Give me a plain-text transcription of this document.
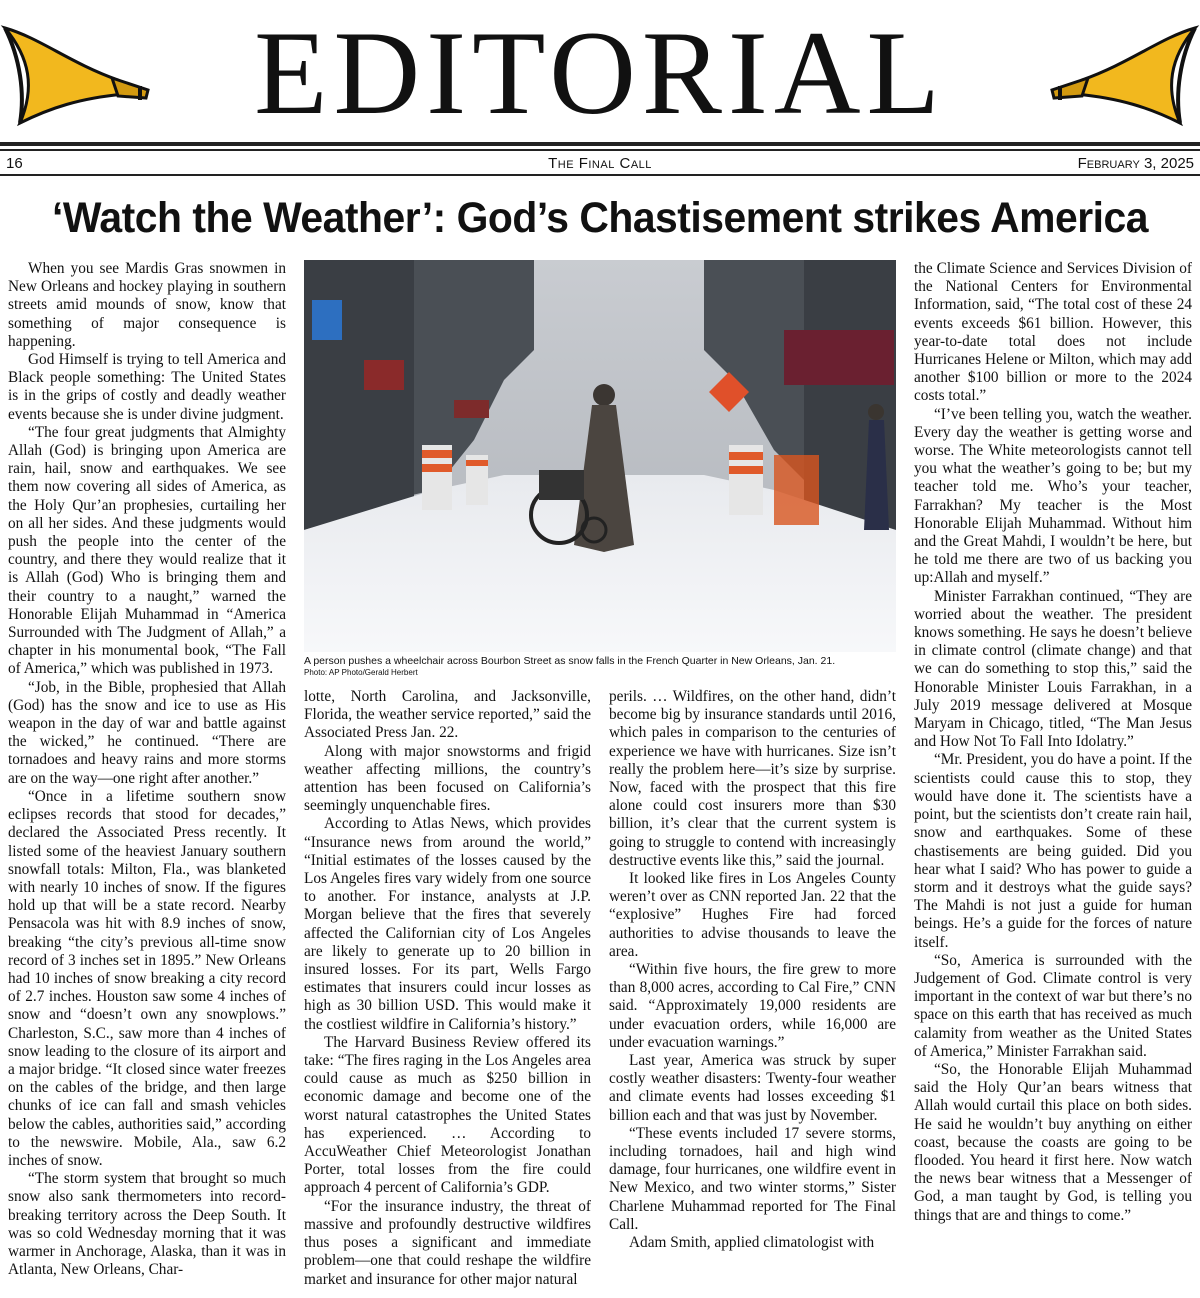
EDITORIAL
16	The Final Call	February 3, 2025
‘Watch the Weather’: God’s Chastisement strikes America

When you see Mardis Gras snowmen in New Orleans and hockey playing in southern streets amid mounds of snow, know that something of major consequence is happening.

God Himself is trying to tell America and Black people something: The United States is in the grips of costly and deadly weather events because she is under divine judgment.

“The four great judgments that Almighty Allah (God) is bringing upon America are rain, hail, snow and earthquakes. We see them now covering all sides of America, as the Holy Qur’an prophesies, curtailing her on all her sides. And these judgments would push the people into the center of the country, and there they would realize that it is Allah (God) Who is bringing them and their country to a naught,” warned the Honorable Elijah Muhammad in “America Surrounded with The Judgment of Allah,” a chapter in his monumental book, “The Fall of America,” which was published in 1973.

“Job, in the Bible, prophesied that Allah (God) has the snow and ice to use as His weapon in the day of war and battle against the wicked,” he continued. “There are tornadoes and heavy rains and more storms are on the way—one right after another.”

“Once in a lifetime southern snow eclipses records that stood for decades,” declared the Associated Press recently. It listed some of the heaviest January southern snowfall totals: Milton, Fla., was blanketed with nearly 10 inches of snow. If the figures hold up that will be a state record. Nearby Pensacola was hit with 8.9 inches of snow, breaking “the city’s previous all-time snow record of 3 inches set in 1895.” New Orleans had 10 inches of snow breaking a city record of 2.7 inches. Houston saw some 4 inches of snow and “doesn’t own any snowplows.” Charleston, S.C., saw more than 4 inches of snow leading to the closure of its airport and a major bridge. “It closed since water freezes on the cables of the bridge, and then large chunks of ice can fall and smash vehicles below the cables, authorities said,” according to the newswire. Mobile, Ala., saw 6.2 inches of snow.

“The storm system that brought so much snow also sank thermometers into record-breaking territory across the Deep South. It was so cold Wednesday morning that it was warmer in Anchorage, Alaska, than it was in Atlanta, New Orleans, Char-

A person pushes a wheelchair across Bourbon Street as snow falls in the French Quarter in New Orleans, Jan. 21.
Photo: AP Photo/Gerald Herbert

lotte, North Carolina, and Jacksonville, Florida, the weather service reported,” said the Associated Press Jan. 22.

Along with major snowstorms and frigid weather affecting millions, the country’s attention has been focused on California’s seemingly unquenchable fires.

According to Atlas News, which provides “Insurance news from around the world,” “Initial estimates of the losses caused by the Los Angeles fires vary widely from one source to another. For instance, analysts at J.P. Morgan believe that the fires that severely affected the Californian city of Los Angeles are likely to generate up to 20 billion in insured losses. For its part, Wells Fargo estimates that insurers could incur losses as high as 30 billion USD. This would make it the costliest wildfire in California’s history.”

The Harvard Business Review offered its take: “The fires raging in the Los Angeles area could cause as much as $250 billion in economic damage and become one of the worst natural catastrophes the United States has experienced. … According to AccuWeather Chief Meteorologist Jonathan Porter, total losses from the fire could approach 4 percent of California’s GDP.

“For the insurance industry, the threat of massive and profoundly destructive wildfires thus poses a significant and immediate problem—one that could reshape the wildfire market and insurance for other major natural

perils. … Wildfires, on the other hand, didn’t become big by insurance standards until 2016, which pales in comparison to the centuries of experience we have with hurricanes. Size isn’t really the problem here—it’s size by surprise. Now, faced with the prospect that this fire alone could cost insurers more than $30 billion, it’s clear that the current system is going to struggle to contend with increasingly destructive events like this,” said the journal.

It looked like fires in Los Angeles County weren’t over as CNN reported Jan. 22 that the “explosive” Hughes Fire had forced authorities to advise thousands to leave the area.

“Within five hours, the fire grew to more than 8,000 acres, according to Cal Fire,” CNN said. “Approximately 19,000 residents are under evacuation orders, while 16,000 are under evacuation warnings.”

Last year, America was struck by super costly weather disasters: Twenty-four weather and climate events had losses exceeding $1 billion each and that was just by November.

“These events included 17 severe storms, including tornadoes, hail and high wind damage, four hurricanes, one wildfire event in New Mexico, and two winter storms,” Sister Charlene Muhammad reported for The Final Call.

Adam Smith, applied climatologist with

the Climate Science and Services Division of the National Centers for Environmental Information, said, “The total cost of these 24 events exceeds $61 billion. However, this year-to-date total does not include Hurricanes Helene or Milton, which may add another $100 billion or more to the 2024 costs total.”

“I’ve been telling you, watch the weather. Every day the weather is getting worse and worse. The White meteorologists cannot tell you what the weather’s going to be; but my teacher told me. Who’s your teacher, Farrakhan? My teacher is the Most Honorable Elijah Muhammad. Without him and the Great Mahdi, I wouldn’t be here, but he told me there are two of us backing you up:Allah and myself.”

Minister Farrakhan continued, “They are worried about the weather. The president knows something. He says he doesn’t believe in climate control (climate change) and that we can do something to stop this,” said the Honorable Minister Louis Farrakhan, in a July 2019 message delivered at Mosque Maryam in Chicago, titled, “The Man Jesus and How Not To Fall Into Idolatry.”

“Mr. President, you do have a point. If the scientists could cause this to stop, they would have done it. The scientists have a point, but the scientists don’t create rain hail, snow and earthquakes. Some of these chastisements are being guided. Did you hear what I said? Who has power to guide a storm and it destroys what the guide says? The Mahdi is not just a guide for human beings. He’s a guide for the forces of nature itself.

“So, America is surrounded with the Judgement of God. Climate control is very important in the context of war but there’s no space on this earth that has received as much calamity from weather as the United States of America,” Minister Farrakhan said.

“So, the Honorable Elijah Muhammad said the Holy Qur’an bears witness that Allah would curtail this place on both sides. He said he wouldn’t buy anything on either coast, because the coasts are going to be flooded. You heard it first here. Now watch the news bear witness that a Messenger of God, a man taught by God, is telling you things that are and things to come.”
